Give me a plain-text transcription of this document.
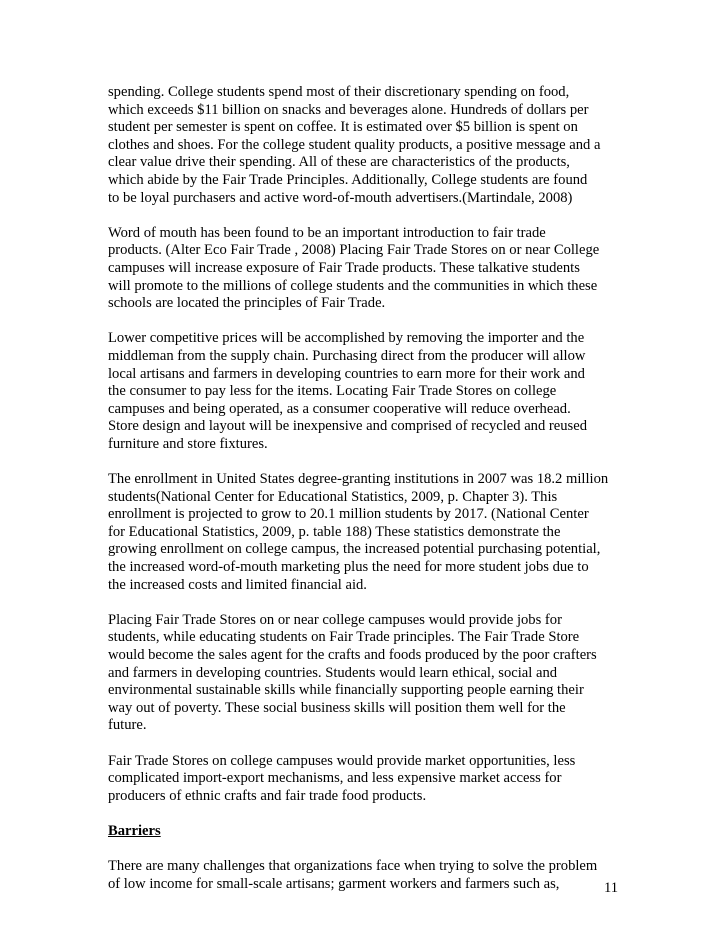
spending. College students spend most of their discretionary spending on food,
which exceeds $11 billion on snacks and beverages alone. Hundreds of dollars per
student per semester is spent on coffee. It is estimated over $5 billion is spent on
clothes and shoes. For the college student quality products, a positive message and a
clear value drive their spending. All of these are characteristics of the products,
which abide by the Fair Trade Principles. Additionally, College students are found
to be loyal purchasers and active word-of-mouth advertisers.(Martindale, 2008)

Word of mouth has been found to be an important introduction to fair trade
products. (Alter Eco Fair Trade , 2008) Placing Fair Trade Stores on or near College
campuses will increase exposure of Fair Trade products. These talkative students
will promote to the millions of college students and the communities in which these
schools are located the principles of Fair Trade.

Lower competitive prices will be accomplished by removing the importer and the
middleman from the supply chain. Purchasing direct from the producer will allow
local artisans and farmers in developing countries to earn more for their work and
the consumer to pay less for the items. Locating Fair Trade Stores on college
campuses and being operated, as a consumer cooperative will reduce overhead.
Store design and layout will be inexpensive and comprised of recycled and reused
furniture and store fixtures.

The enrollment in United States degree-granting institutions in 2007 was 18.2 million
students(National Center for Educational Statistics, 2009, p. Chapter 3). This
enrollment is projected to grow to 20.1 million students by 2017. (National Center
for Educational Statistics, 2009, p. table 188) These statistics demonstrate the
growing enrollment on college campus, the increased potential purchasing potential,
the increased word-of-mouth marketing plus the need for more student jobs due to
the increased costs and limited financial aid.

Placing Fair Trade Stores on or near college campuses would provide jobs for
students, while educating students on Fair Trade principles. The Fair Trade Store
would become the sales agent for the crafts and foods produced by the poor crafters
and farmers in developing countries. Students would learn ethical, social and
environmental sustainable skills while financially supporting people earning their
way out of poverty. These social business skills will position them well for the
future.

Fair Trade Stores on college campuses would provide market opportunities, less
complicated import-export mechanisms, and less expensive market access for
producers of ethnic crafts and fair trade food products.

Barriers

There are many challenges that organizations face when trying to solve the problem
of low income for small-scale artisans; garment workers and farmers such as,	11
